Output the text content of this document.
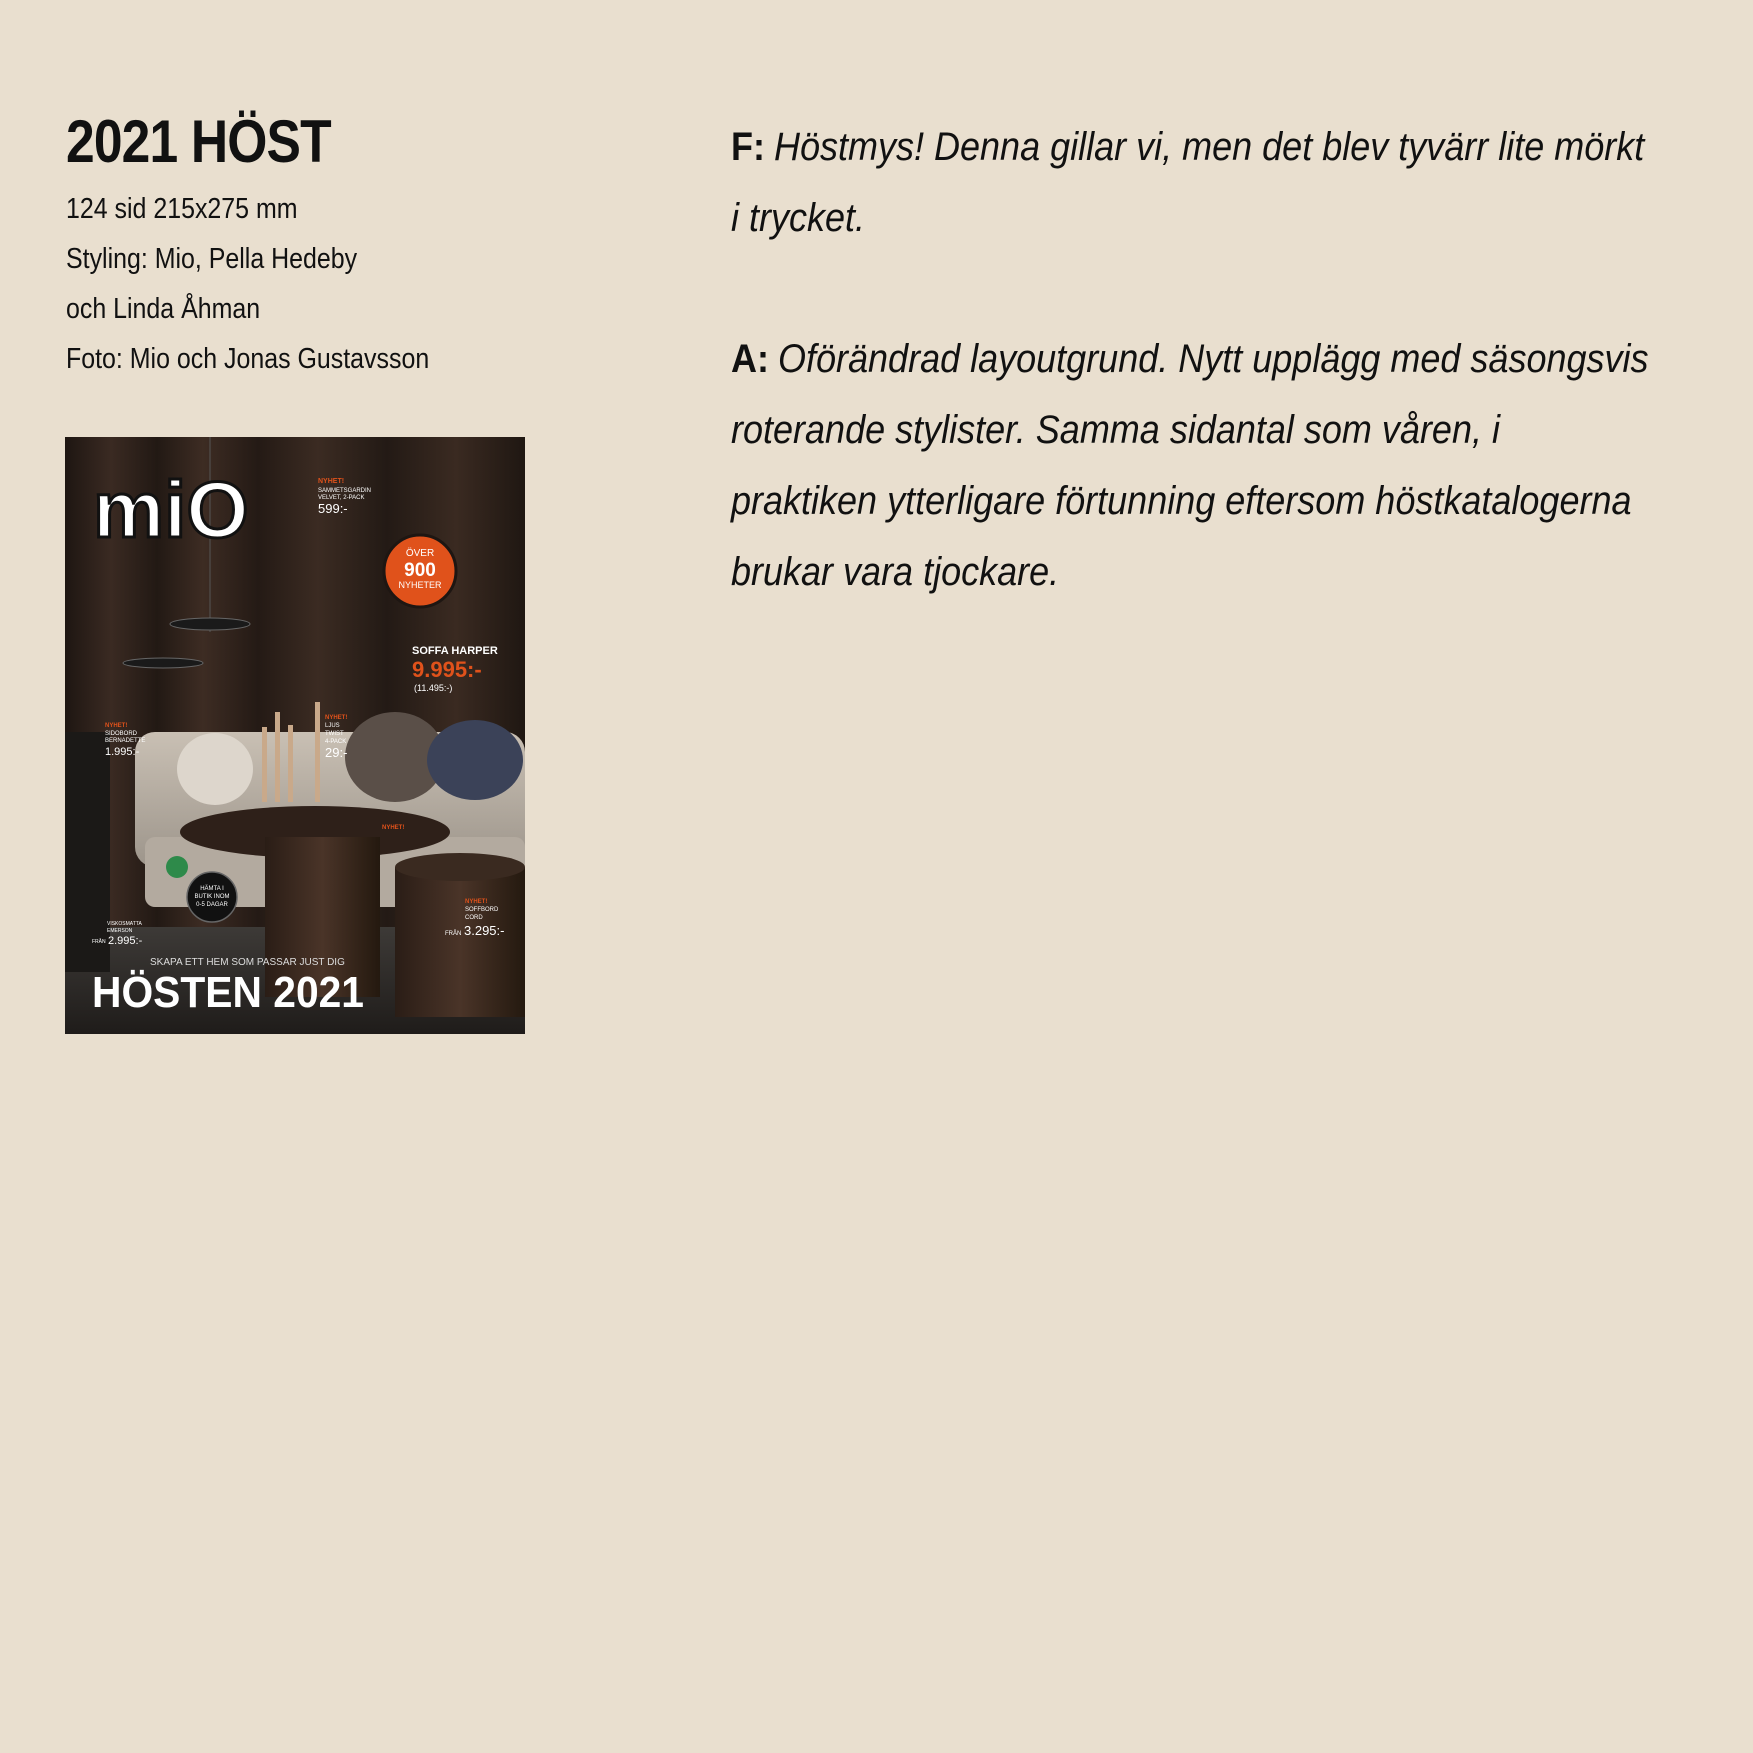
2021 HÖST
124 sid 215x275 mm
Styling: Mio, Pella Hedeby
och Linda Åhman
Foto: Mio och Jonas Gustavsson
miO	NYHET!
SAMMETSGARDIN
VELVET, 2-PACK
599:-
ÖVER
900
NYHETER
SOFFA HARPER
9.995:-
(11.495:-)
NYHET!
SIDOBORD
BERNADETTE
1.995:-
NYHET!
LJUS
TWIST
4-PACK
29:-
NYHET!
HÄMTA I
BUTIK INOM
0-5 DAGAR
VISKOSMATTA
EMERSON
FRÅN 2.995:-
NYHET!
SOFFBORD
CORD
FRÅN 3.295:-
SKAPA ETT HEM SOM PASSAR JUST DIG
HÖSTEN 2021

F: Höstmys! Denna gillar vi, men det blev tyvärr lite mörkt i trycket.

A: Oförändrad layoutgrund. Nytt upplägg med säsongsvis roterande stylister. Samma sidantal som våren, i praktiken ytterligare förtunning eftersom höstkatalogerna brukar vara tjockare.
